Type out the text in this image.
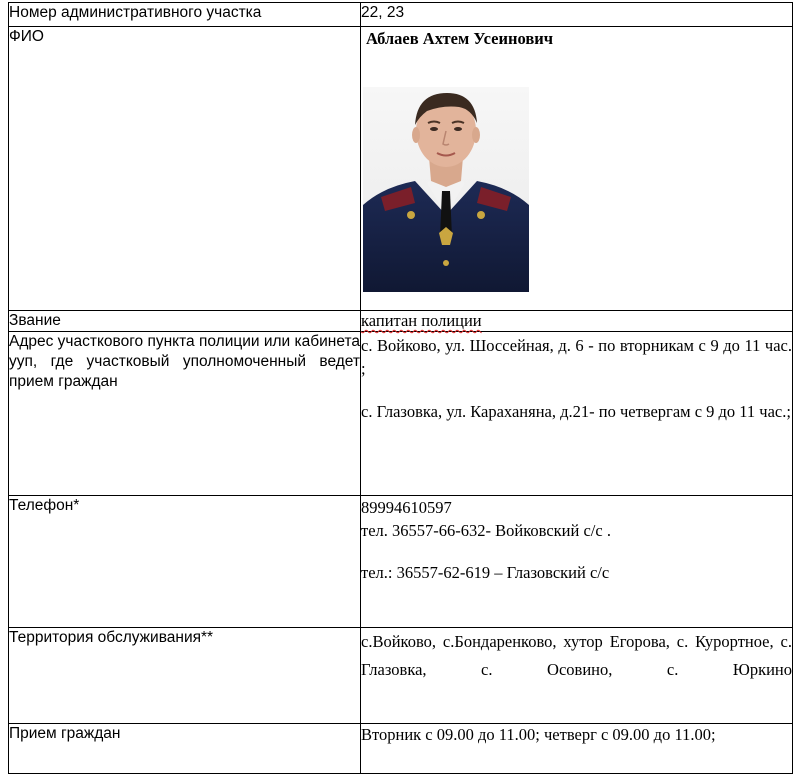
Номер административного участка	22, 23
ФИО	Аблаев Ахтем Усеинович

Звание	капитан полиции
Адрес участкового пункта полиции или кабинета ууп, где участковый уполномоченный ведет прием граждан	с. Войково, ул. Шоссейная, д. 6 - по вторникам с 9 до 11 час. ;

с. Глазовка, ул. Караханяна, д.21- по четвергам с 9 до 11 час.;

Телефон*	89994610597

тел. 36557-66-632- Войковский с/с .

тел.: 36557-62-619 – Глазовский с/с

Территория обслуживания**	с.Войково, с.Бондаренково, хутор Егорова, с. Курортное, с. Глазовка, с. Осовино, с. Юркино
Прием граждан	Вторник с 09.00 до 11.00; четверг с 09.00 до 11.00;
